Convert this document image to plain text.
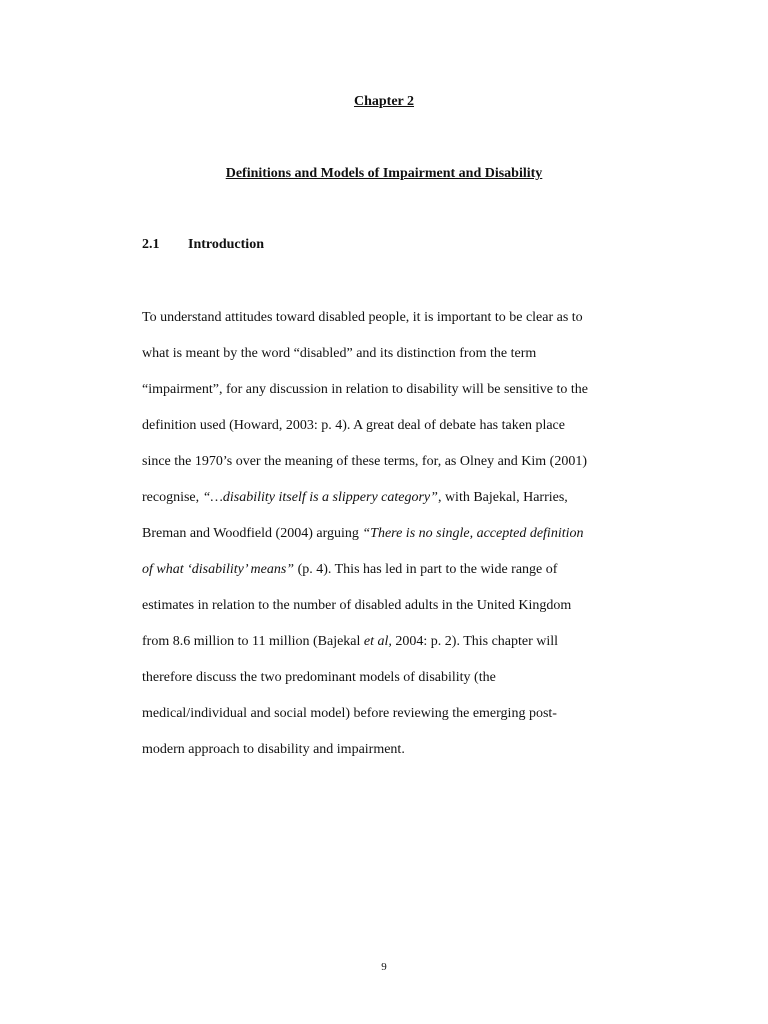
Chapter 2
Definitions and Models of Impairment and Disability
2.1 Introduction
To understand attitudes toward disabled people, it is important to be clear as to
what is meant by the word “disabled” and its distinction from the term
“impairment”, for any discussion in relation to disability will be sensitive to the
definition used (Howard, 2003: p. 4). A great deal of debate has taken place
since the 1970’s over the meaning of these terms, for, as Olney and Kim (2001)
recognise, “…disability itself is a slippery category”, with Bajekal, Harries,
Breman and Woodfield (2004) arguing “There is no single, accepted definition
of what ‘disability’ means” (p. 4). This has led in part to the wide range of
estimates in relation to the number of disabled adults in the United Kingdom
from 8.6 million to 11 million (Bajekal et al, 2004: p. 2). This chapter will
therefore discuss the two predominant models of disability (the
medical/individual and social model) before reviewing the emerging post-
modern approach to disability and impairment.
9
